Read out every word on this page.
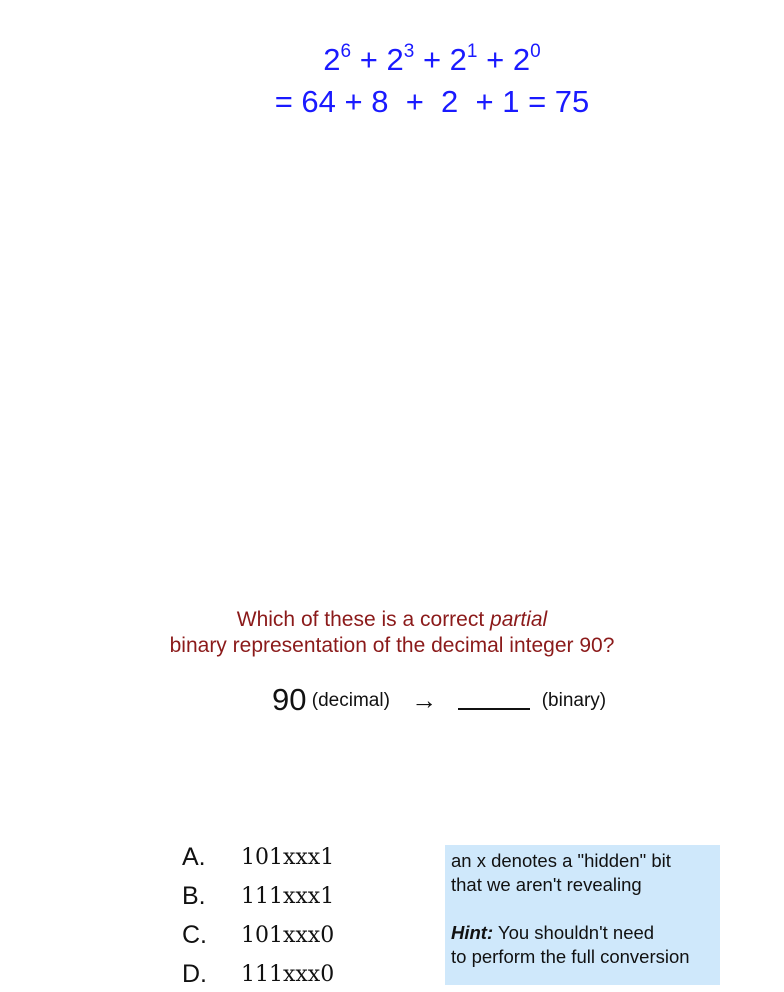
$2^6 + 2^3 + 2^1 + 2^0$
= 64 + 8  +  2  + 1 = 75
Which of these is a correct partial
binary representation of the decimal integer 90?
90 (decimal) →	(binary)
A. 101xxx1
B. 111xxx1
C. 101xxx0
D. 111xxx0
an x denotes a "hidden" bit
that we aren't revealing
Hint: You shouldn't need
to perform the full conversion
